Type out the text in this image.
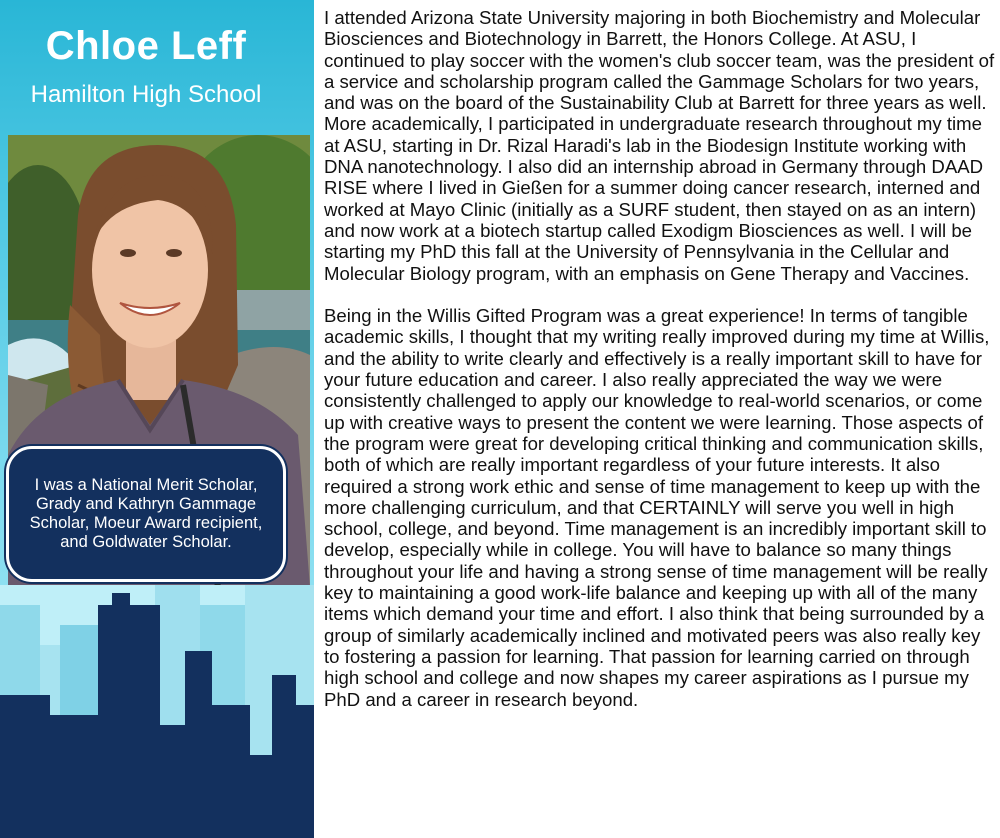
Chloe Leff
Hamilton High School
I was a National Merit Scholar, Grady and Kathryn Gammage Scholar, Moeur Award recipient, and Goldwater Scholar.

I attended Arizona State University majoring in both Biochemistry and Molecular Biosciences and Biotechnology in Barrett, the Honors College. At ASU, I continued to play soccer with the women's club soccer team, was the president of a service and scholarship program called the Gammage Scholars for two years, and was on the board of the Sustainability Club at Barrett for three years as well. More academically, I participated in undergraduate research throughout my time at ASU, starting in Dr. Rizal Haradi's lab in the Biodesign Institute working with DNA nanotechnology. I also did an internship abroad in Germany through DAAD RISE where I lived in Gießen for a summer doing cancer research, interned and worked at Mayo Clinic (initially as a SURF student, then stayed on as an intern) and now work at a biotech startup called Exodigm Biosciences as well. I will be starting my PhD this fall at the University of Pennsylvania in the Cellular and Molecular Biology program, with an emphasis on Gene Therapy and Vaccines.

Being in the Willis Gifted Program was a great experience! In terms of tangible academic skills, I thought that my writing really improved during my time at Willis, and the ability to write clearly and effectively is a really important skill to have for your future education and career. I also really appreciated the way we were consistently challenged to apply our knowledge to real-world scenarios, or come up with creative ways to present the content we were learning. Those aspects of the program were great for developing critical thinking and communication skills, both of which are really important regardless of your future interests. It also required a strong work ethic and sense of time management to keep up with the more challenging curriculum, and that CERTAINLY will serve you well in high school, college, and beyond. Time management is an incredibly important skill to develop, especially while in college. You will have to balance so many things throughout your life and having a strong sense of time management will be really key to maintaining a good work-life balance and keeping up with all of the many items which demand your time and effort. I also think that being surrounded by a group of similarly academically inclined and motivated peers was also really key to fostering a passion for learning. That passion for learning carried on through high school and college and now shapes my career aspirations as I pursue my PhD and a career in research beyond.
